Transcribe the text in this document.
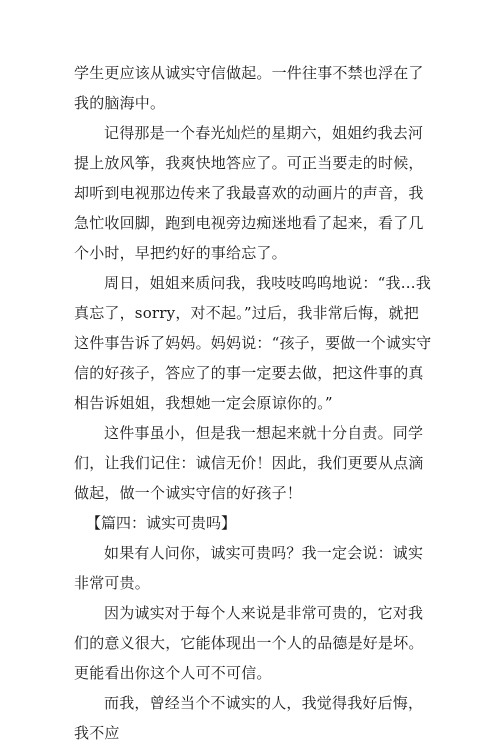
学生更应该从诚实守信做起。一件往事不禁也浮在了我的脑海中。

记得那是一个春光灿烂的星期六，姐姐约我去河提上放风筝，我爽快地答应了。可正当要走的时候，却听到电视那边传来了我最喜欢的动画片的声音，我急忙收回脚，跑到电视旁边痴迷地看了起来，看了几个小时，早把约好的事给忘了。

周日，姐姐来质问我，我吱吱呜呜地说：“我…我真忘了，sorry，对不起。”过后，我非常后悔，就把这件事告诉了妈妈。妈妈说：“孩子，要做一个诚实守信的好孩子，答应了的事一定要去做，把这件事的真相告诉姐姐，我想她一定会原谅你的。”

这件事虽小，但是我一想起来就十分自责。同学们，让我们记住：诚信无价！因此，我们更要从点滴做起，做一个诚实守信的好孩子！

【篇四：诚实可贵吗】

如果有人问你，诚实可贵吗？我一定会说：诚实非常可贵。

因为诚实对于每个人来说是非常可贵的，它对我们的意义很大，它能体现出一个人的品德是好是坏。更能看出你这个人可不可信。

而我，曾经当个不诚实的人，我觉得我好后悔，我不应
